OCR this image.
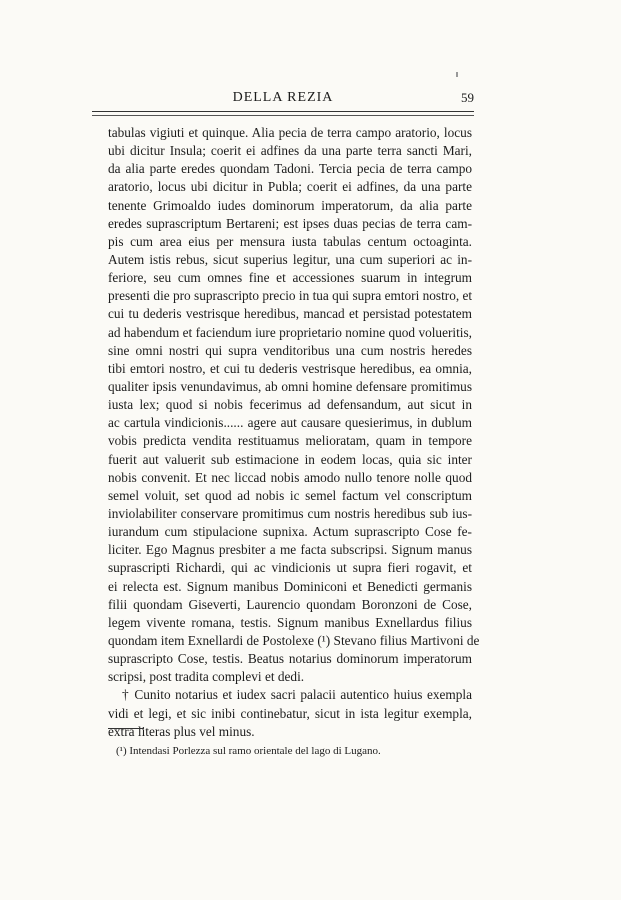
DELLA REZIA	59
tabulas vigiuti et quinque. Alia pecia de terra campo aratorio, locus
ubi dicitur Insula; coerit ei adfines da una parte terra sancti Mari,
da alia parte eredes quondam Tadoni. Tercia pecia de terra campo
aratorio, locus ubi dicitur in Publa; coerit ei adfines, da una parte
tenente Grimoaldo iudes dominorum imperatorum, da alia parte
eredes suprascriptum Bertareni; est ipses duas pecias de terra cam-
pis cum area eius per mensura iusta tabulas centum octoaginta.
Autem istis rebus, sicut superius legitur, una cum superiori ac in-
feriore, seu cum omnes fine et accessiones suarum in integrum
presenti die pro suprascripto precio in tua qui supra emtori nostro, et
cui tu dederis vestrisque heredibus, mancad et persistad potestatem
ad habendum et faciendum iure proprietario nomine quod volueritis,
sine omni nostri qui supra venditoribus una cum nostris heredes
tibi emtori nostro, et cui tu dederis vestrisque heredibus, ea omnia,
qualiter ipsis venundavimus, ab omni homine defensare promitimus
iusta lex; quod si nobis fecerimus ad defensandum, aut sicut in
ac cartula vindicionis...... agere aut causare quesierimus, in dublum
vobis predicta vendita restituamus melioratam, quam in tempore
fuerit aut valuerit sub estimacione in eodem locas, quia sic inter
nobis convenit. Et nec liccad nobis amodo nullo tenore nolle quod
semel voluit, set quod ad nobis ic semel factum vel conscriptum
inviolabiliter conservare promitimus cum nostris heredibus sub ius-
iurandum cum stipulacione supnixa. Actum suprascripto Cose fe-
liciter. Ego Magnus presbiter a me facta subscripsi. Signum manus
suprascripti Richardi, qui ac vindicionis ut supra fieri rogavit, et
ei relecta est. Signum manibus Dominiconi et Benedicti germanis
filii quondam Giseverti, Laurencio quondam Boronzoni de Cose,
legem vivente romana, testis. Signum manibus Exnellardus filius
quondam item Exnellardi de Postolexe (¹) Stevano filius Martivoni de
suprascripto Cose, testis. Beatus notarius dominorum imperatorum
scripsi, post tradita complevi et dedi.
† Cunito notarius et iudex sacri palacii autentico huius exempla
vidi et legi, et sic inibi continebatur, sicut in ista legitur exempla,
extra literas plus vel minus.
(¹) Intendasi Porlezza sul ramo orientale del lago di Lugano.
